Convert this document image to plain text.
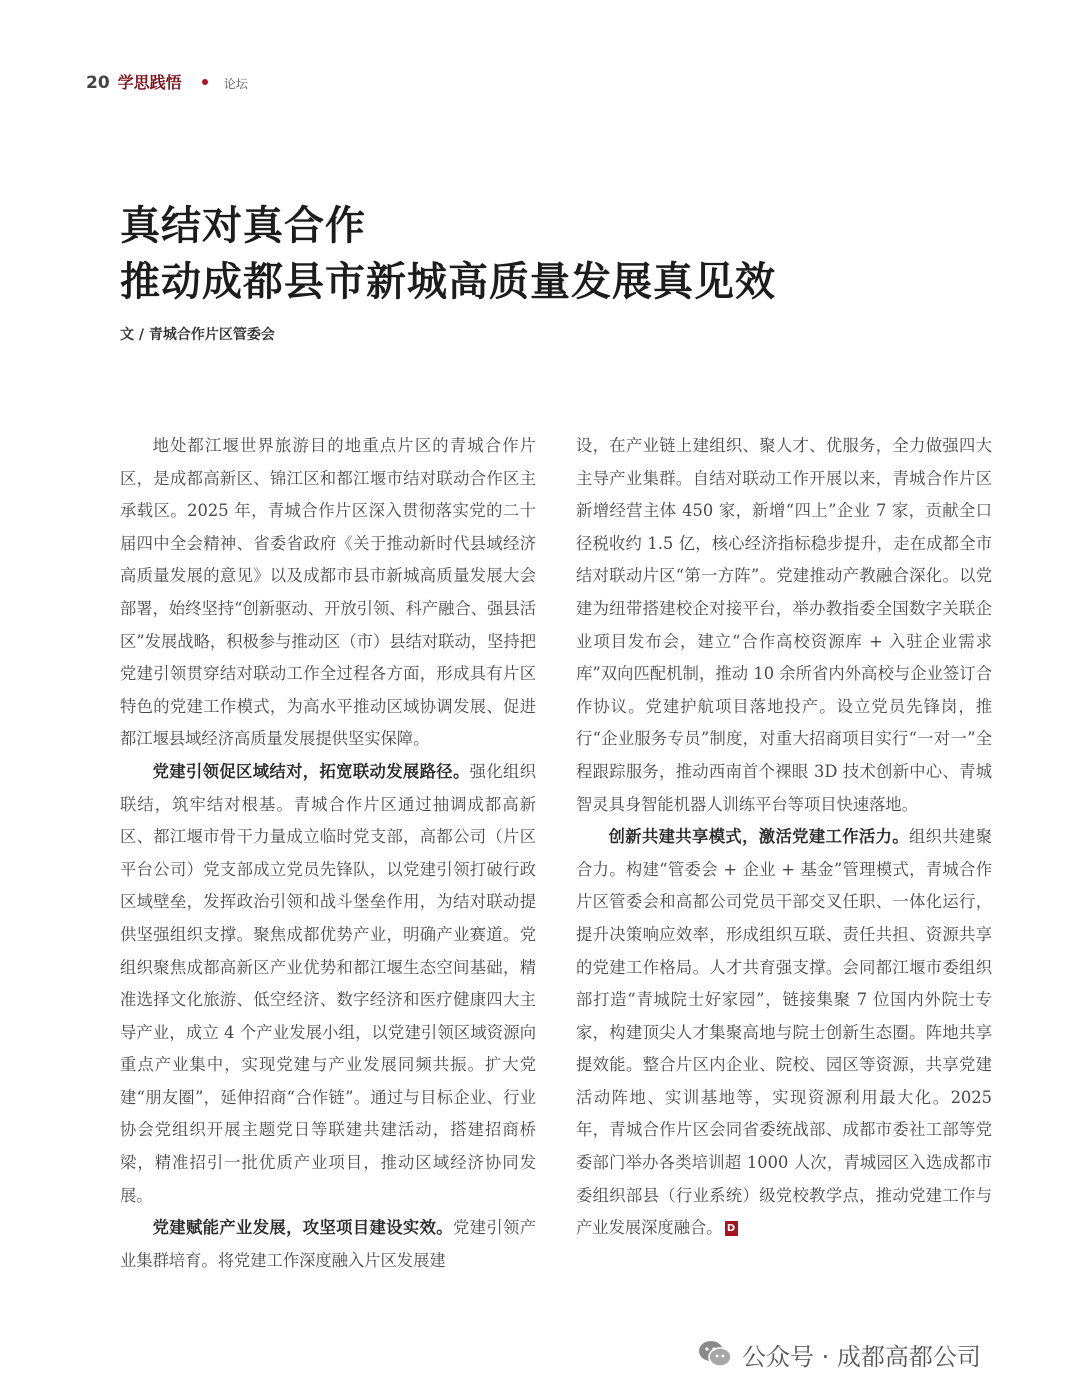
20 学思践悟	论坛
真结对真合作
推动成都县市新城高质量发展真见效
文 / 青城合作片区管委会

地处都江堰世界旅游目的地重点片区的青城合作片区，是成都高新区、锦江区和都江堰市结对联动合作区主承载区。2025 年，青城合作片区深入贯彻落实党的二十届四中全会精神、省委省政府《关于推动新时代县域经济高质量发展的意见》以及成都市县市新城高质量发展大会部署，始终坚持“创新驱动、开放引领、科产融合、强县活区”发展战略，积极参与推动区（市）县结对联动，坚持把党建引领贯穿结对联动工作全过程各方面，形成具有片区特色的党建工作模式，为高水平推动区域协调发展、促进都江堰县域经济高质量发展提供坚实保障。

党建引领促区域结对，拓宽联动发展路径。强化组织联结，筑牢结对根基。青城合作片区通过抽调成都高新区、都江堰市骨干力量成立临时党支部，高都公司（片区平台公司）党支部成立党员先锋队，以党建引领打破行政区域壁垒，发挥政治引领和战斗堡垒作用，为结对联动提供坚强组织支撑。聚焦成都优势产业，明确产业赛道。党组织聚焦成都高新区产业优势和都江堰生态空间基础，精准选择文化旅游、低空经济、数字经济和医疗健康四大主导产业，成立 4 个产业发展小组，以党建引领区域资源向重点产业集中，实现党建与产业发展同频共振。扩大党建“朋友圈”，延伸招商“合作链”。通过与目标企业、行业协会党组织开展主题党日等联建共建活动，搭建招商桥梁，精准招引一批优质产业项目，推动区域经济协同发展。

党建赋能产业发展，攻坚项目建设实效。党建引领产业集群培育。将党建工作深度融入片区发展建

设，在产业链上建组织、聚人才、优服务，全力做强四大主导产业集群。自结对联动工作开展以来，青城合作片区新增经营主体 450 家，新增“四上”企业 7 家，贡献全口径税收约 1.5 亿，核心经济指标稳步提升，走在成都全市结对联动片区“第一方阵”。党建推动产教融合深化。以党建为纽带搭建校企对接平台，举办教指委全国数字关联企业项目发布会，建立“合作高校资源库 + 入驻企业需求库”双向匹配机制，推动 10 余所省内外高校与企业签订合作协议。党建护航项目落地投产。设立党员先锋岗，推行“企业服务专员”制度，对重大招商项目实行“一对一”全程跟踪服务，推动西南首个裸眼 3D 技术创新中心、青城智灵具身智能机器人训练平台等项目快速落地。

创新共建共享模式，激活党建工作活力。组织共建聚合力。构建“管委会 + 企业 + 基金”管理模式，青城合作片区管委会和高都公司党员干部交叉任职、一体化运行，提升决策响应效率，形成组织互联、责任共担、资源共享的党建工作格局。人才共育强支撑。会同都江堰市委组织部打造“青城院士好家园”，链接集聚 7 位国内外院士专家，构建顶尖人才集聚高地与院士创新生态圈。阵地共享提效能。整合片区内企业、院校、园区等资源，共享党建活动阵地、实训基地等，实现资源利用最大化。2025 年，青城合作片区会同省委统战部、成都市委社工部等党委部门举办各类培训超 1000 人次，青城园区入选成都市委组织部县（行业系统）级党校教学点，推动党建工作与产业发展深度融合。 D

公众号 · 成都高都公司
